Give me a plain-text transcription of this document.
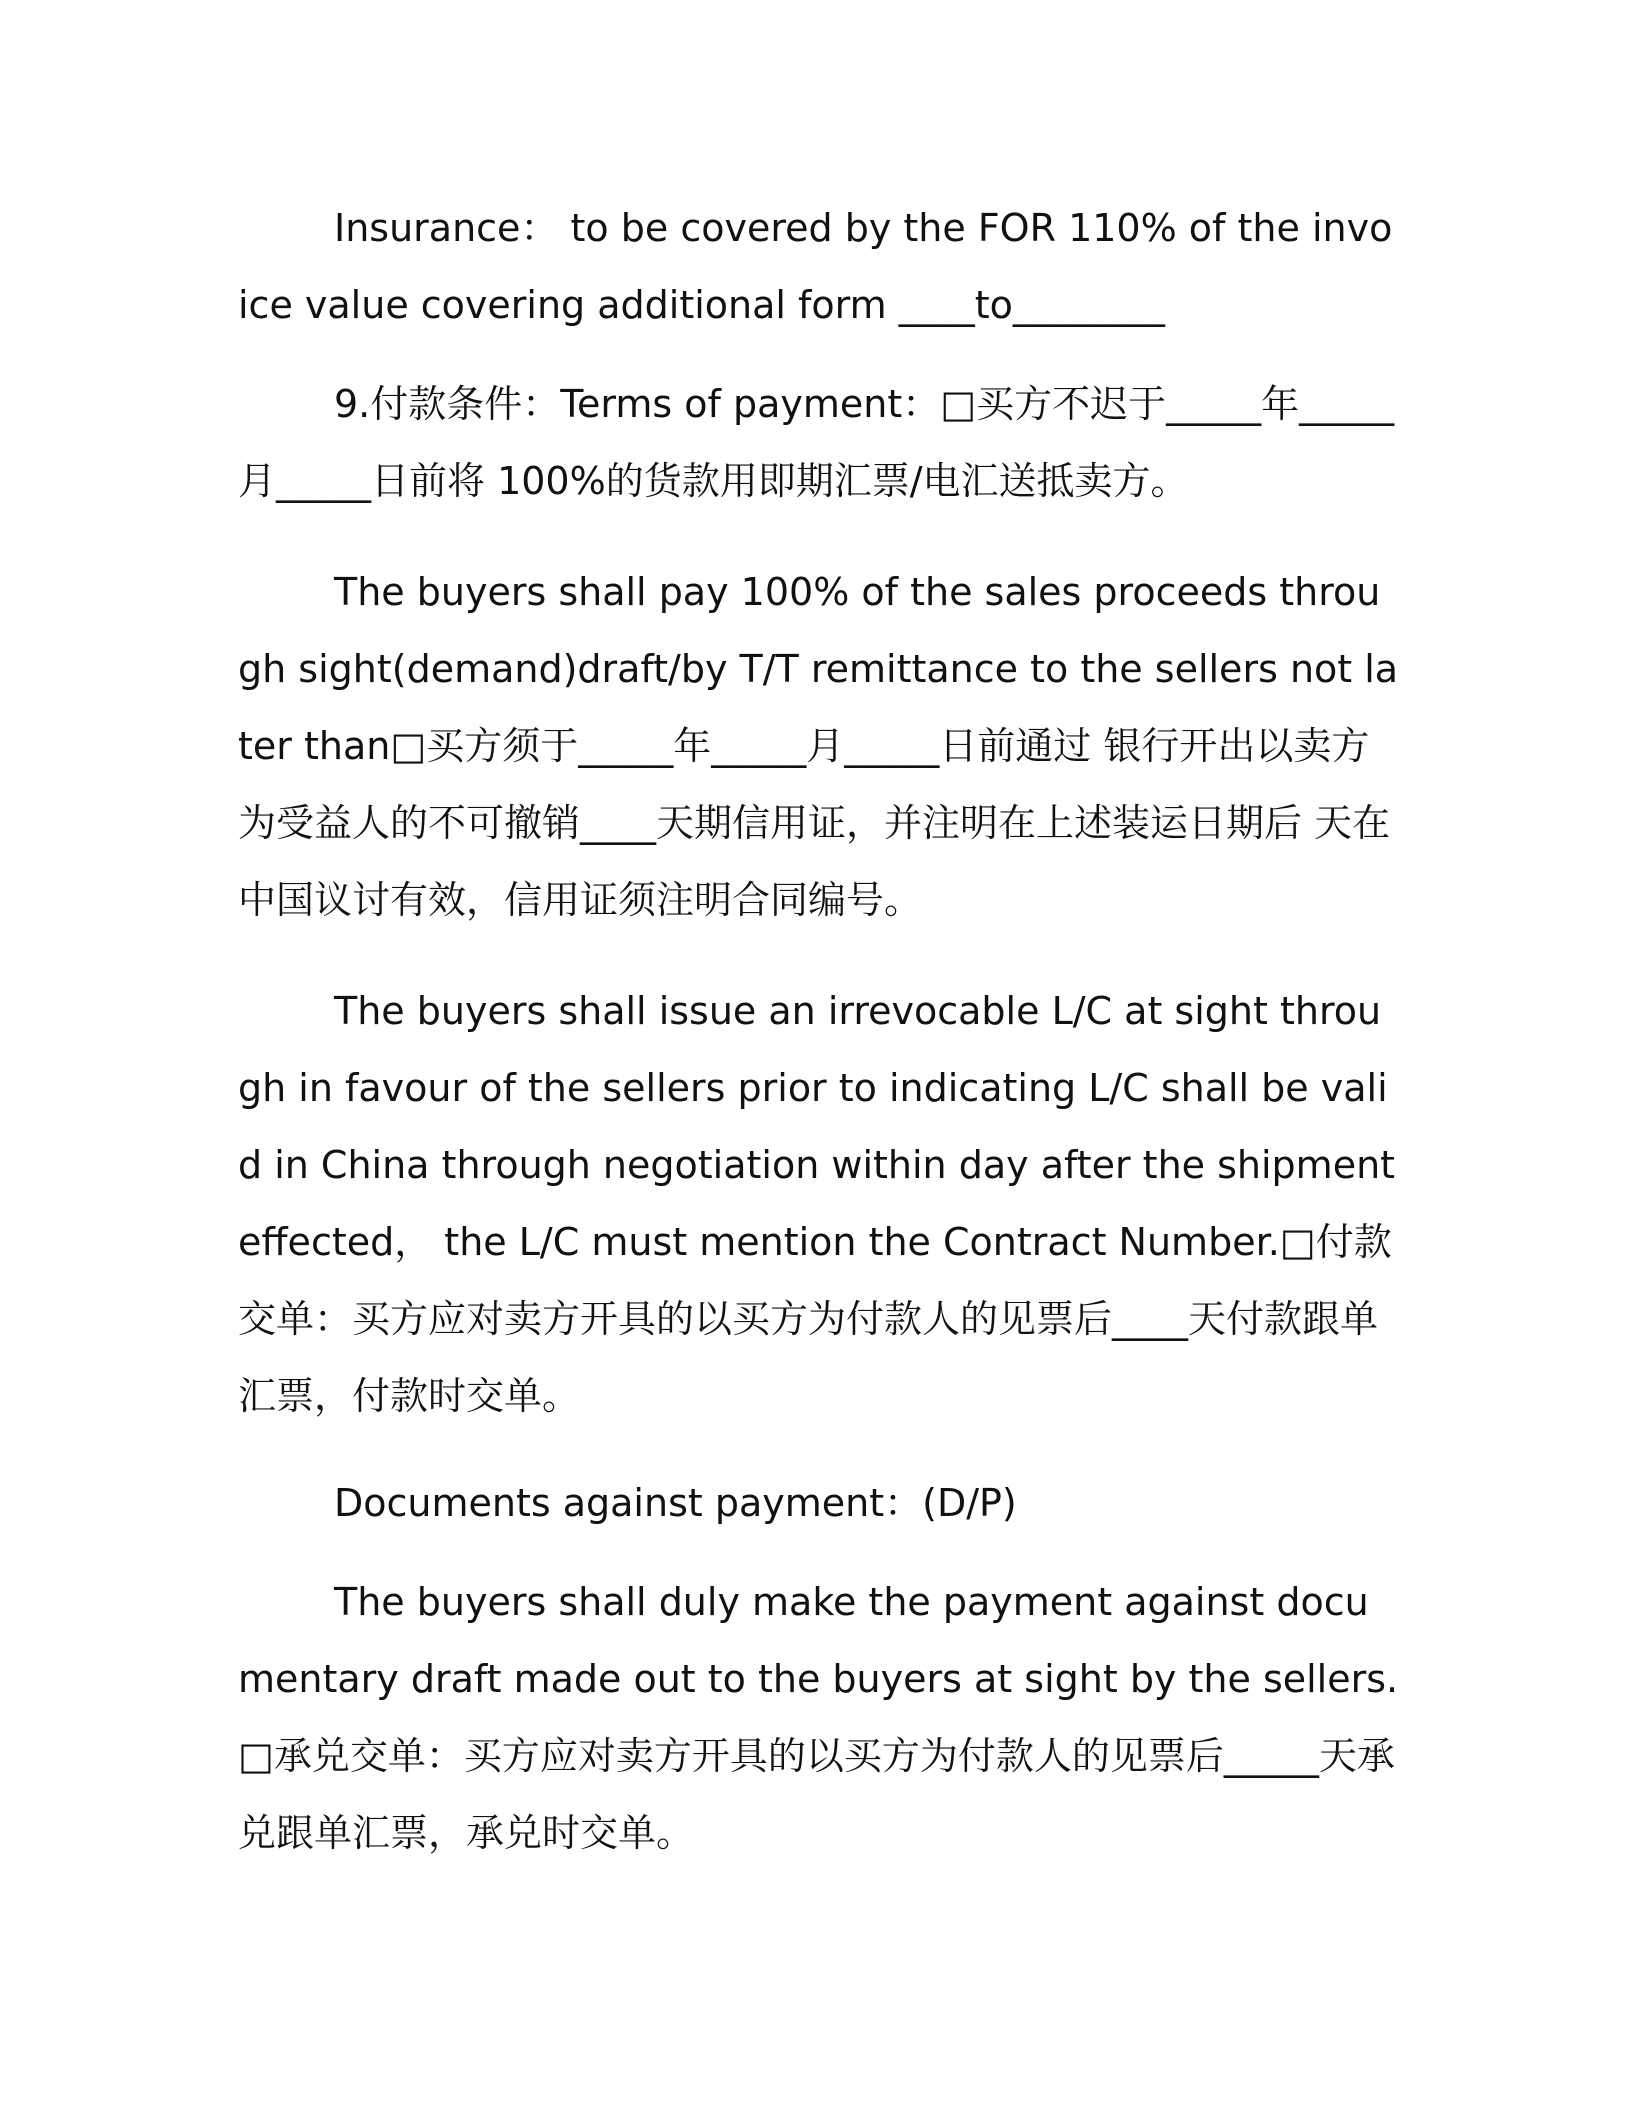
Insurance： to be covered by the FOR 110% of the invoice value covering additional form ____to________

9.付款条件：Terms of payment：□买方不迟于_____年_____月_____日前将 100%的货款用即期汇票/电汇送抵卖方。

The buyers shall pay 100% of the sales proceeds through sight(demand)draft/by T/T remittance to the sellers not later than□买方须于_____年_____月_____日前通过 银行开出以卖方为受益人的不可撤销____天期信用证，并注明在上述装运日期后 天在中国议讨有效，信用证须注明合同编号。

The buyers shall issue an irrevocable L/C at sight through in favour of the sellers prior to indicating L/C shall be valid in China through negotiation within day after the shipment effected， the L/C must mention the Contract Number.□付款交单：买方应对卖方开具的以买方为付款人的见票后____天付款跟单汇票，付款时交单。

Documents against payment：(D/P)

The buyers shall duly make the payment against documentary draft made out to the buyers at sight by the sellers.□承兑交单：买方应对卖方开具的以买方为付款人的见票后_____天承兑跟单汇票，承兑时交单。
